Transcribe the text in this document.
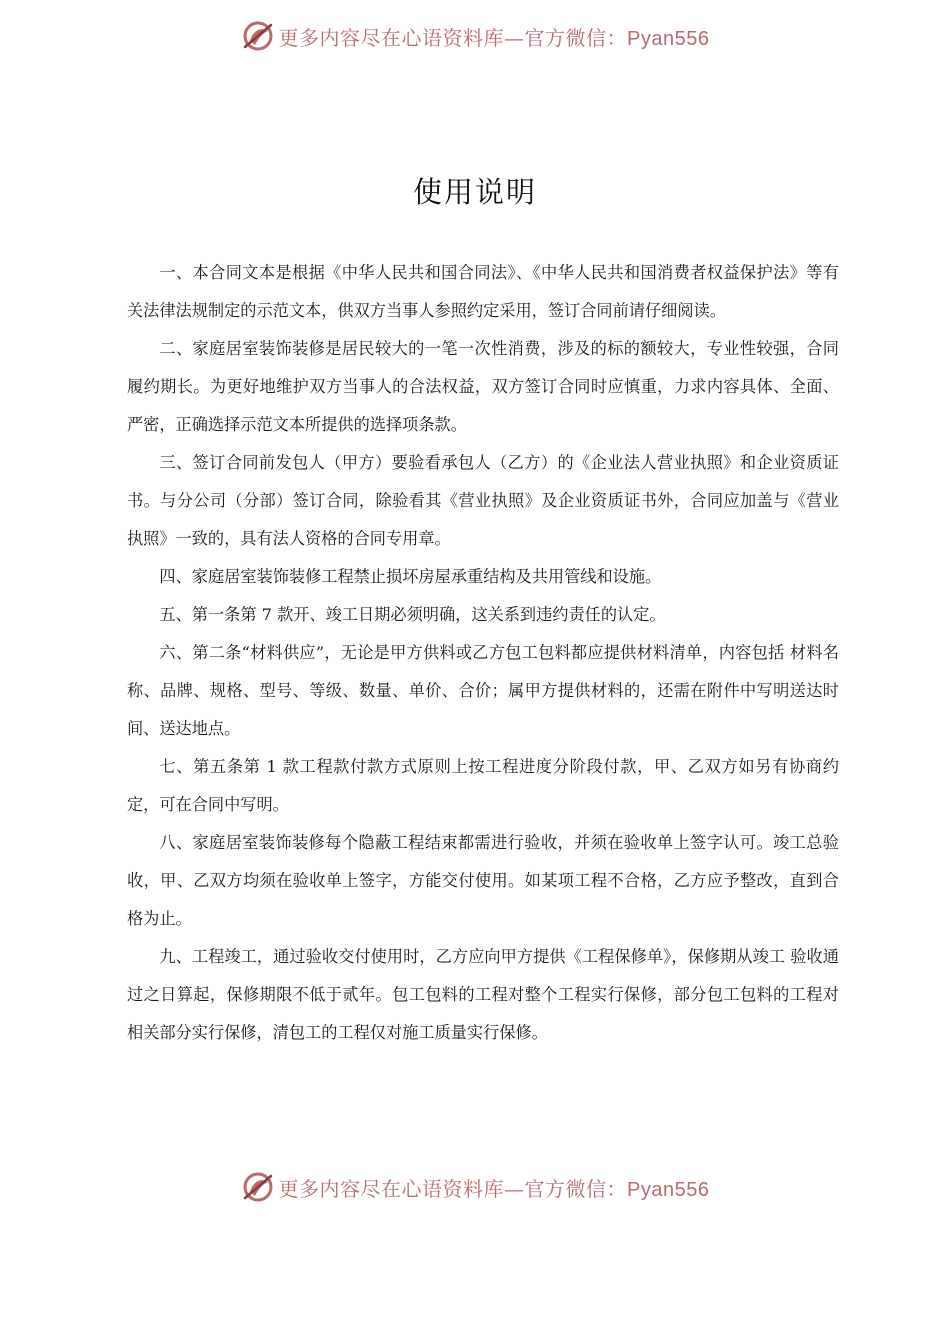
更多内容尽在心语资料库—官方微信：Pyan556
使用说明

一、本合同文本是根据《中华人民共和国合同法》、《中华人民共和国消费者权益保护法》等有关法律法规制定的示范文本，供双方当事人参照约定采用，签订合同前请仔细阅读。

二、家庭居室装饰装修是居民较大的一笔一次性消费，涉及的标的额较大，专业性较强，合同履约期长。为更好地维护双方当事人的合法权益，双方签订合同时应慎重，力求内容具体、全面、严密，正确选择示范文本所提供的选择项条款。

三、签订合同前发包人（甲方）要验看承包人（乙方）的《企业法人营业执照》和企业资质证书。与分公司（分部）签订合同，除验看其《营业执照》及企业资质证书外，合同应加盖与《营业执照》一致的，具有法人资格的合同专用章。

四、家庭居室装饰装修工程禁止损坏房屋承重结构及共用管线和设施。

五、第一条第 7 款开、竣工日期必须明确，这关系到违约责任的认定。

六、第二条“材料供应”，无论是甲方供料或乙方包工包料都应提供材料清单，内容包括 材料名称、品牌、规格、型号、等级、数量、单价、合价；属甲方提供材料的，还需在附件中写明送达时间、送达地点。

七、第五条第 1 款工程款付款方式原则上按工程进度分阶段付款，甲、乙双方如另有协商约定，可在合同中写明。

八、家庭居室装饰装修每个隐蔽工程结束都需进行验收，并须在验收单上签字认可。竣工总验收，甲、乙双方均须在验收单上签字，方能交付使用。如某项工程不合格，乙方应予整改，直到合格为止。

九、工程竣工，通过验收交付使用时，乙方应向甲方提供《工程保修单》，保修期从竣工 验收通过之日算起，保修期限不低于贰年。包工包料的工程对整个工程实行保修，部分包工包料的工程对相关部分实行保修，清包工的工程仅对施工质量实行保修。

更多内容尽在心语资料库—官方微信：Pyan556
